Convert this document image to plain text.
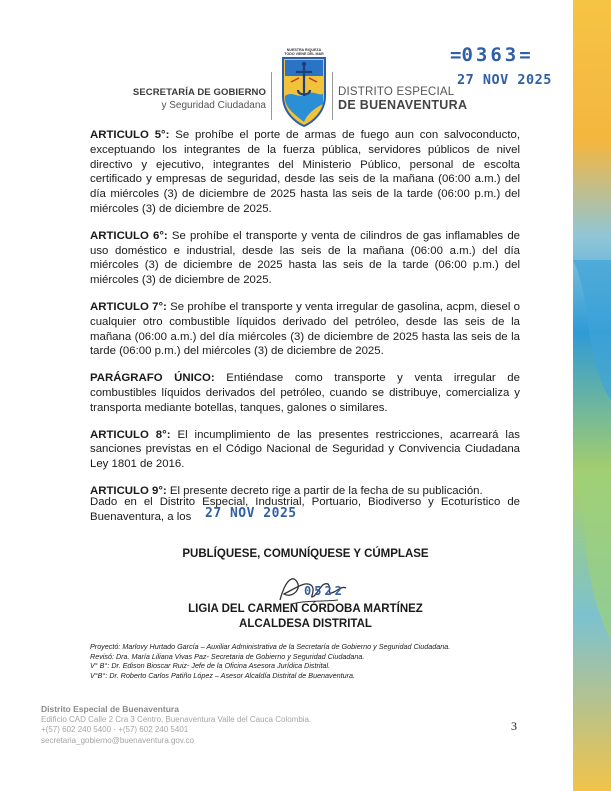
SECRETARÍA DE GOBIERNO
y Seguridad Ciudadana
NUESTRA RIQUEZA
TODO VIENE DEL MAR
DISTRITO ESPECIAL
DE BUENAVENTURA
=0363=
27 NOV 2025

ARTICULO 5°: Se prohíbe el porte de armas de fuego aun con salvoconducto, exceptuando los integrantes de la fuerza pública, servidores públicos de nivel directivo y ejecutivo, integrantes del Ministerio Público, personal de escolta certificado y empresas de seguridad, desde las seis de la mañana (06:00 a.m.) del día miércoles (3) de diciembre de 2025 hasta las seis de la tarde (06:00 p.m.) del miércoles (3) de diciembre de 2025.

ARTICULO 6°: Se prohíbe el transporte y venta de cilindros de gas inflamables de uso doméstico e industrial, desde las seis de la mañana (06:00 a.m.) del día miércoles (3) de diciembre de 2025 hasta las seis de la tarde (06:00 p.m.) del miércoles (3) de diciembre de 2025.

ARTICULO 7°: Se prohíbe el transporte y venta irregular de gasolina, acpm, diesel o cualquier otro combustible líquidos derivado del petróleo, desde las seis de la mañana (06:00 a.m.) del día miércoles (3) de diciembre de 2025 hasta las seis de la tarde (06:00 p.m.) del miércoles (3) de diciembre de 2025.

PARÁGRAFO ÚNICO: Entiéndase como transporte y venta irregular de combustibles líquidos derivados del petróleo, cuando se distribuye, comercializa y transporta mediante botellas, tanques, galones o similares.

ARTICULO 8°: El incumplimiento de las presentes restricciones, acarreará las sanciones previstas en el Código Nacional de Seguridad y Convivencia Ciudadana Ley 1801 de 2016.

ARTICULO 9°: El presente decreto rige a partir de la fecha de su publicación.

Dado en el Distrito Especial, Industrial, Portuario, Biodiverso y Ecoturístico de Buenaventura, a los	27 NOV 2025
PUBLÍQUESE, COMUNÍQUESE Y CÚMPLASE
0522
LIGIA DEL CARMEN CÓRDOBA MARTÍNEZ
ALCALDESA DISTRITAL
Proyectó: Marlovy Hurtado García – Auxiliar Administrativa de la Secretaría de Gobierno y Seguridad Ciudadana.
Revisó: Dra. María Liliana Vivas Paz- Secretaria de Gobierno y Seguridad Ciudadana.
V° B°: Dr. Edison Bioscar Ruiz- Jefe de la Oficina Asesora Jurídica Distrital.
V°B°: Dr. Roberto Carlos Patiño López – Asesor Alcaldía Distrital de Buenaventura.
Distrito Especial de Buenaventura
Edificio CAD Calle 2 Cra 3 Centro, Buenaventura Valle del Cauca Colombia.
+(57) 602 240 5400 · +(57) 602 240 5401
secretaria_gobierno@buenaventura.gov.co
3
